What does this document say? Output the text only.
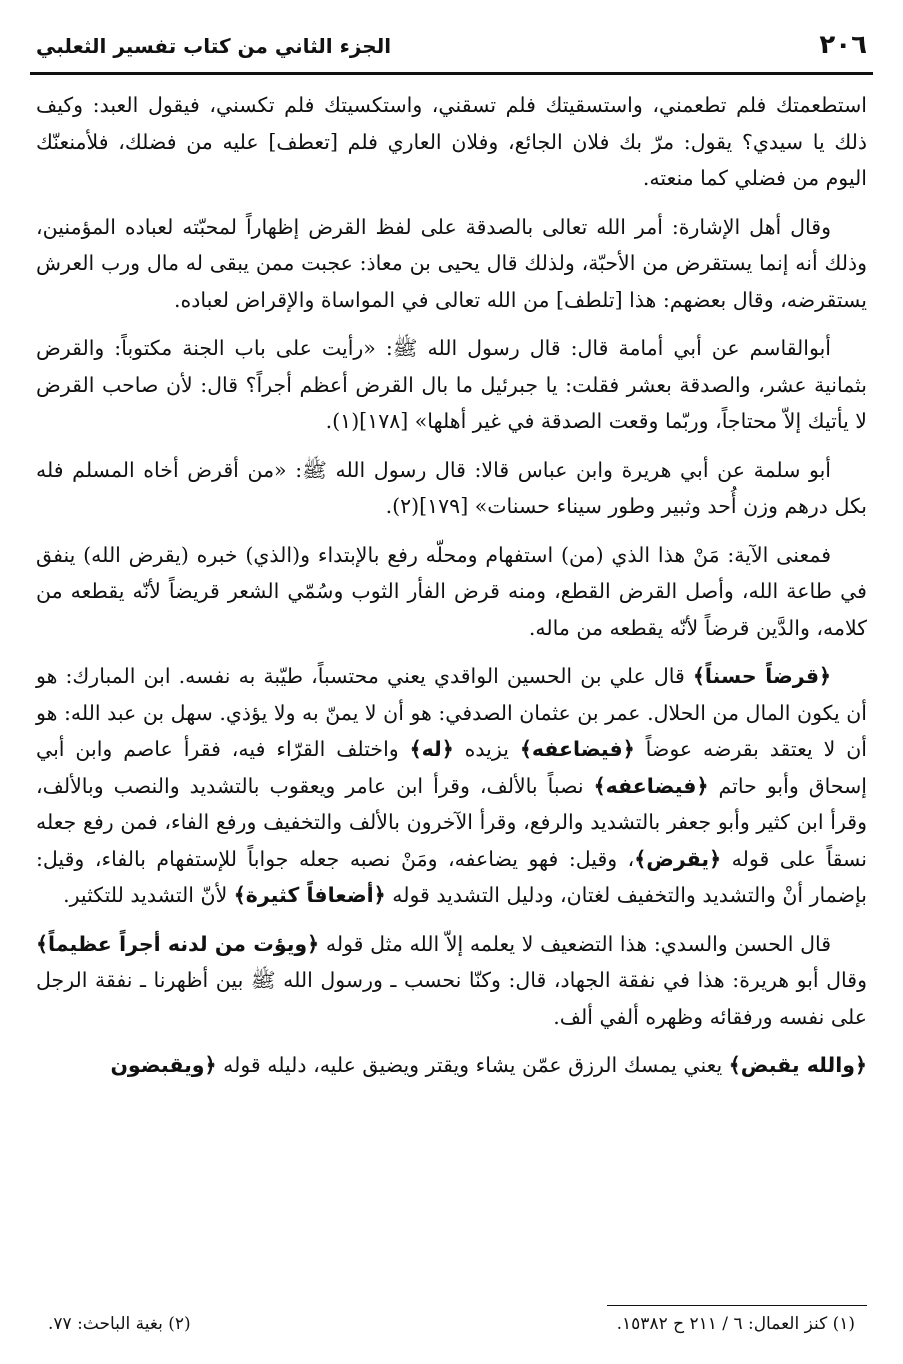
٢٠٦
الجزء الثاني من كتاب تفسير الثعلبي

استطعمتك فلم تطعمني، واستسقيتك فلم تسقني، واستكسيتك فلم تكسني، فيقول العبد: وكيف ذلك يا سيدي؟ يقول: مرّ بك فلان الجائع، وفلان العاري فلم [تعطف] عليه من فضلك، فلأمنعنّك اليوم من فضلي كما منعته.

وقال أهل الإشارة: أمر الله تعالى بالصدقة على لفظ القرض إظهاراً لمحبّته لعباده المؤمنين، وذلك أنه إنما يستقرض من الأحبّة، ولذلك قال يحيى بن معاذ: عجبت ممن يبقى له مال ورب العرش يستقرضه، وقال بعضهم: هذا [تلطف] من الله تعالى في المواساة والإقراض لعباده.

أبوالقاسم عن أبي أمامة قال: قال رسول الله ﷺ: «رأيت على باب الجنة مكتوباً: والقرض بثمانية عشر، والصدقة بعشر فقلت: يا جبرئيل ما بال القرض أعظم أجراً؟ قال: لأن صاحب القرض لا يأتيك إلاّ محتاجاً، وربّما وقعت الصدقة في غير أهلها» [١٧٨](١).

أبو سلمة عن أبي هريرة وابن عباس قالا: قال رسول الله ﷺ: «من أقرض أخاه المسلم فله بكل درهم وزن أُحد وثبير وطور سيناء حسنات» [١٧٩](٢).

فمعنى الآية: مَنْ هذا الذي (من) استفهام ومحلّه رفع بالإبتداء و(الذي) خبره (يقرض الله) ينفق في طاعة الله، وأصل القرض القطع، ومنه قرض الفأر الثوب وسُمّي الشعر قريضاً لأنّه يقطعه من كلامه، والدَّين قرضاً لأنّه يقطعه من ماله.

﴿قرضاً حسناً﴾ قال علي بن الحسين الواقدي يعني محتسباً، طيّبة به نفسه. ابن المبارك: هو أن يكون المال من الحلال. عمر بن عثمان الصدفي: هو أن لا يمنّ به ولا يؤذي. سهل بن عبد الله: هو أن لا يعتقد بقرضه عوضاً ﴿فيضاعفه﴾ يزيده ﴿له﴾ واختلف القرّاء فيه، فقرأ عاصم وابن أبي إسحاق وأبو حاتم ﴿فيضاعفه﴾ نصباً بالألف، وقرأ ابن عامر ويعقوب بالتشديد والنصب وبالألف، وقرأ ابن كثير وأبو جعفر بالتشديد والرفع، وقرأ الآخرون بالألف والتخفيف ورفع الفاء، فمن رفع جعله نسقاً على قوله ﴿يقرض﴾، وقيل: فهو يضاعفه، ومَنْ نصبه جعله جواباً للإستفهام بالفاء، وقيل: بإضمار أنْ والتشديد والتخفيف لغتان، ودليل التشديد قوله ﴿أضعافاً كثيرة﴾ لأنّ التشديد للتكثير.

قال الحسن والسدي: هذا التضعيف لا يعلمه إلاّ الله مثل قوله ﴿ويؤت من لدنه أجراً عظيماً﴾ وقال أبو هريرة: هذا في نفقة الجهاد، قال: وكنّا نحسب ـ ورسول الله ﷺ بين أظهرنا ـ نفقة الرجل على نفسه ورفقائه وظهره ألفي ألف.

﴿والله يقبض﴾ يعني يمسك الرزق عمّن يشاء ويقتر ويضيق عليه، دليله قوله ﴿ويقبضون

(١) كنز العمال: ٦ / ٢١١ ح ١٥٣٨٢.
(٢) بغية الباحث: ٧٧.
